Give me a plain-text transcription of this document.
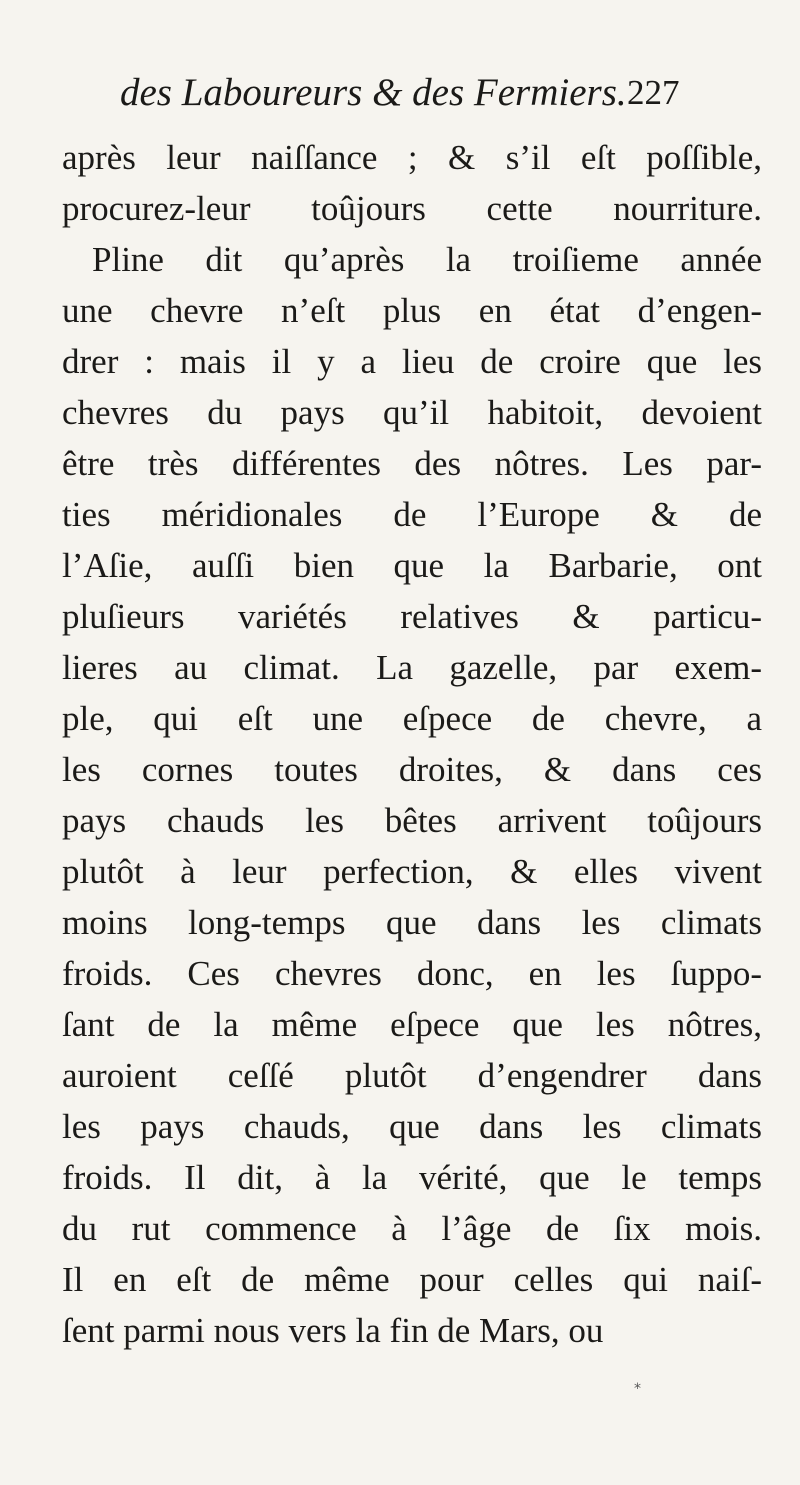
des Laboureurs & des Fermiers. 227
après leur naiſſance ; & s’il eſt poſſible,
procurez-leur toûjours cette nourriture.
Pline dit qu’après la troiſieme année
une chevre n’eſt plus en état d’engen-
drer : mais il y a lieu de croire que les
chevres du pays qu’il habitoit, devoient
être très différentes des nôtres. Les par-
ties méridionales de l’Europe & de
l’Aſie, auſſi bien que la Barbarie, ont
pluſieurs variétés relatives & particu-
lieres au climat. La gazelle, par exem-
ple, qui eſt une eſpece de chevre, a
les cornes toutes droites, & dans ces
pays chauds les bêtes arrivent toûjours
plutôt à leur perfection, & elles vivent
moins long-temps que dans les climats
froids. Ces chevres donc, en les ſuppo-
ſant de la même eſpece que les nôtres,
auroient ceſſé plutôt d’engendrer dans
les pays chauds, que dans les climats
froids. Il dit, à la vérité, que le temps
du rut commence à l’âge de ſix mois.
Il en eſt de même pour celles qui naiſ-
ſent parmi nous vers la fin de Mars, ou
*
